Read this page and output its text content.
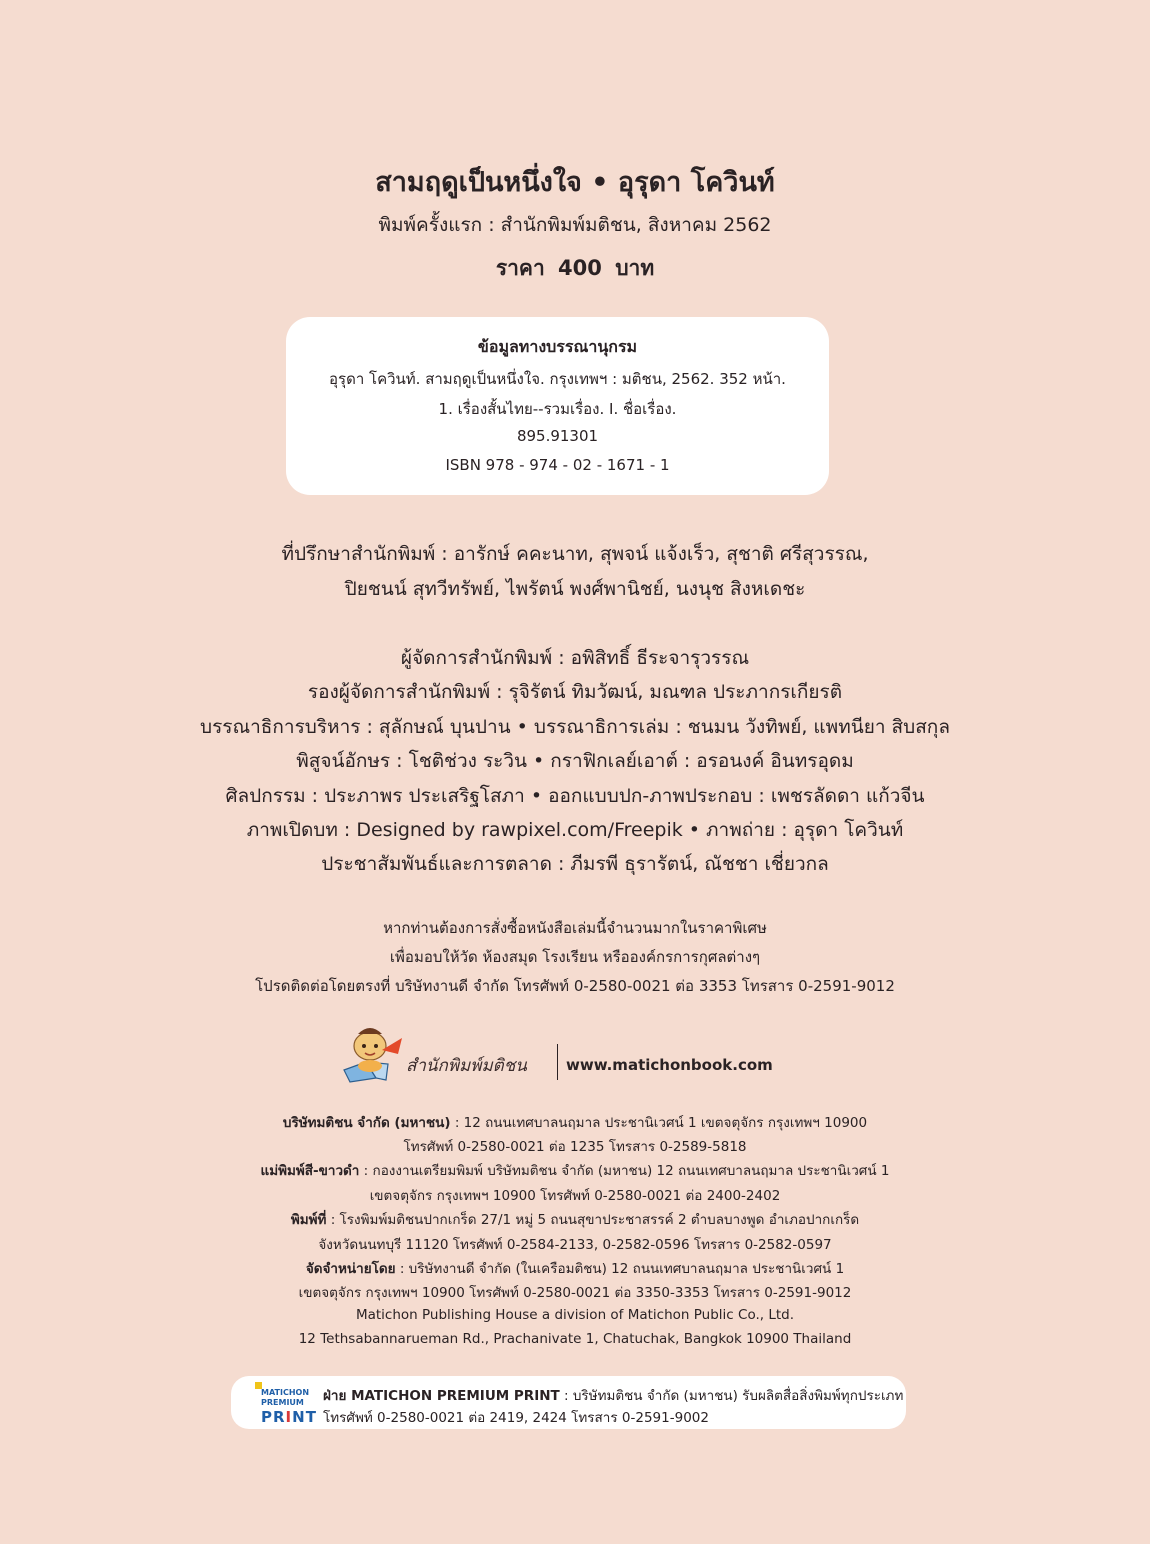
สามฤดูเป็นหนึ่งใจ • อุรุดา โควินท์
พิมพ์ครั้งแรก : สำนักพิมพ์มติชน, สิงหาคม 2562
ราคา 400 บาท
ข้อมูลทางบรรณานุกรม
อุรุดา โควินท์. สามฤดูเป็นหนึ่งใจ. กรุงเทพฯ : มติชน, 2562. 352 หน้า.
1. เรื่องสั้นไทย--รวมเรื่อง. I. ชื่อเรื่อง.
895.91301
ISBN 978 - 974 - 02 - 1671 - 1
ที่ปรึกษาสำนักพิมพ์ : อารักษ์ คคะนาท, สุพจน์ แจ้งเร็ว, สุชาติ ศรีสุวรรณ,
ปิยชนน์ สุทวีทรัพย์, ไพรัตน์ พงศ์พานิชย์, นงนุช สิงหเดชะ
ผู้จัดการสำนักพิมพ์ : อพิสิทธิ์ ธีระจารุวรรณ
รองผู้จัดการสำนักพิมพ์ : รุจิรัตน์ ทิมวัฒน์, มณฑล ประภากรเกียรติ
บรรณาธิการบริหาร : สุลักษณ์ บุนปาน • บรรณาธิการเล่ม : ชนมน วังทิพย์, แพทนียา สิบสกุล
พิสูจน์อักษร : โชติช่วง ระวิน • กราฟิกเลย์เอาต์ : อรอนงค์ อินทรอุดม
ศิลปกรรม : ประภาพร ประเสริฐโสภา • ออกแบบปก-ภาพประกอบ : เพชรลัดดา แก้วจีน
ภาพเปิดบท : Designed by rawpixel.com/Freepik • ภาพถ่าย : อุรุดา โควินท์
ประชาสัมพันธ์และการตลาด : ภีมรพี ธุรารัตน์, ณัชชา เชี่ยวกล
หากท่านต้องการสั่งซื้อหนังสือเล่มนี้จำนวนมากในราคาพิเศษ
เพื่อมอบให้วัด ห้องสมุด โรงเรียน หรือองค์กรการกุศลต่างๆ
โปรดติดต่อโดยตรงที่ บริษัทงานดี จำกัด โทรศัพท์ 0-2580-0021 ต่อ 3353 โทรสาร 0-2591-9012
สำนักพิมพ์มติชน	www.matichonbook.com
บริษัทมติชน จำกัด (มหาชน) : 12 ถนนเทศบาลนฤมาล ประชานิเวศน์ 1 เขตจตุจักร กรุงเทพฯ 10900
โทรศัพท์ 0-2580-0021 ต่อ 1235 โทรสาร 0-2589-5818
แม่พิมพ์สี-ขาวดำ : กองงานเตรียมพิมพ์ บริษัทมติชน จำกัด (มหาชน) 12 ถนนเทศบาลนฤมาล ประชานิเวศน์ 1
เขตจตุจักร กรุงเทพฯ 10900 โทรศัพท์ 0-2580-0021 ต่อ 2400-2402
พิมพ์ที่ : โรงพิมพ์มติชนปากเกร็ด 27/1 หมู่ 5 ถนนสุขาประชาสรรค์ 2 ตำบลบางพูด อำเภอปากเกร็ด
จังหวัดนนทบุรี 11120 โทรศัพท์ 0-2584-2133, 0-2582-0596 โทรสาร 0-2582-0597
จัดจำหน่ายโดย : บริษัทงานดี จำกัด (ในเครือมติชน) 12 ถนนเทศบาลนฤมาล ประชานิเวศน์ 1
เขตจตุจักร กรุงเทพฯ 10900 โทรศัพท์ 0-2580-0021 ต่อ 3350-3353 โทรสาร 0-2591-9012
Matichon Publishing House a division of Matichon Public Co., Ltd.
12 Tethsabannarueman Rd., Prachanivate 1, Chatuchak, Bangkok 10900 Thailand
MATICHON
PREMIUM
PRINT
ฝ่าย MATICHON PREMIUM PRINT : บริษัทมติชน จำกัด (มหาชน) รับผลิตสื่อสิ่งพิมพ์ทุกประเภท
โทรศัพท์ 0-2580-0021 ต่อ 2419, 2424 โทรสาร 0-2591-9002
